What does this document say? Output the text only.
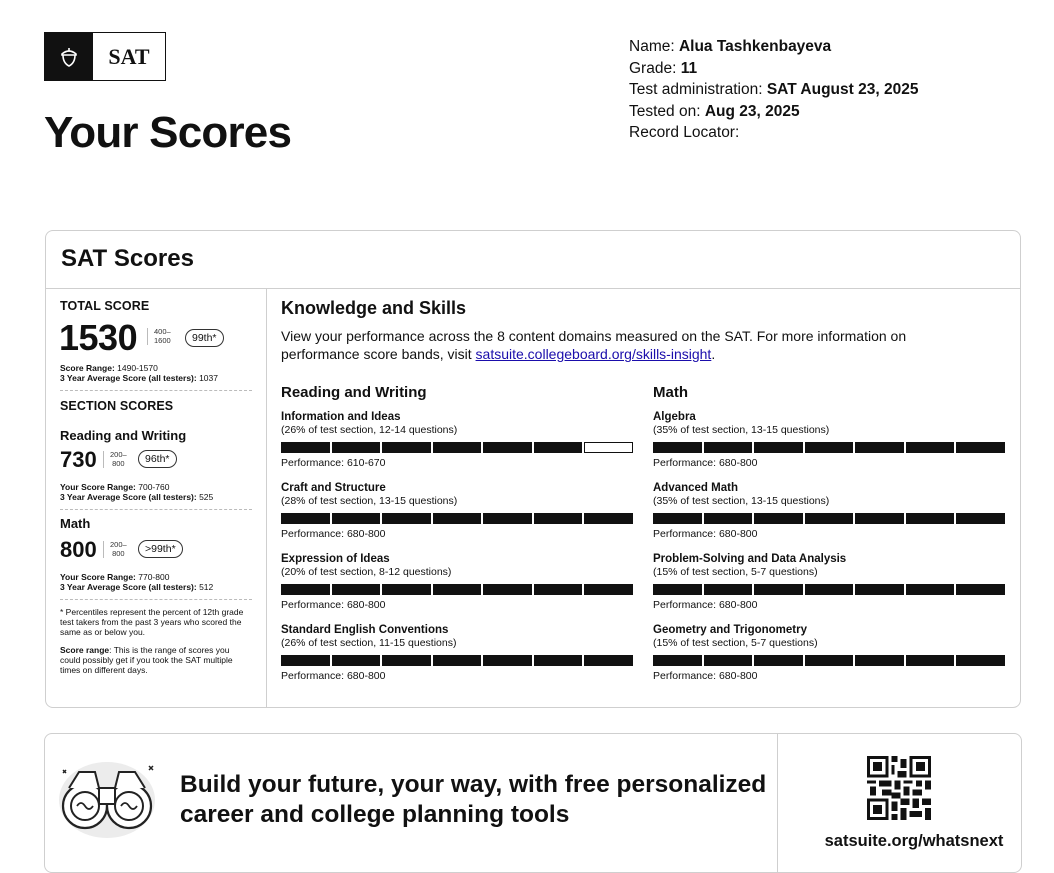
SAT
Your Scores
Name: Alua Tashkenbayeva
Grade: 11
Test administration: SAT August 23, 2025
Tested on: Aug 23, 2025
Record Locator:
SAT Scores
TOTAL SCORE
1530 400–
1600	99th*
Score Range: 1490-1570
3 Year Average Score (all testers): 1037
SECTION SCORES
Reading and Writing
730 200–
800	96th*
Your Score Range: 700-760
3 Year Average Score (all testers): 525
Math
800 200–
800	>99th*
Your Score Range: 770-800
3 Year Average Score (all testers): 512
* Percentiles represent the percent of 12th grade test takers from the past 3 years who scored the same as or below you.
Score range: This is the range of scores you could possibly get if you took the SAT multiple times on different days.
Knowledge and Skills
View your performance across the 8 content domains measured on the SAT. For more information on performance score bands, visit satsuite.collegeboard.org/skills-insight.
Reading and Writing
Information and Ideas
(26% of test section, 12-14 questions)
Performance: 610-670
Craft and Structure
(28% of test section, 13-15 questions)
Performance: 680-800
Expression of Ideas
(20% of test section, 8-12 questions)
Performance: 680-800
Standard English Conventions
(26% of test section, 11-15 questions)
Performance: 680-800
Math
Algebra
(35% of test section, 13-15 questions)
Performance: 680-800
Advanced Math
(35% of test section, 13-15 questions)
Performance: 680-800
Problem-Solving and Data Analysis
(15% of test section, 5-7 questions)
Performance: 680-800
Geometry and Trigonometry
(15% of test section, 5-7 questions)
Performance: 680-800

Build your future, your way, with free personalized
career and college planning tools

satsuite.org/whatsnext
